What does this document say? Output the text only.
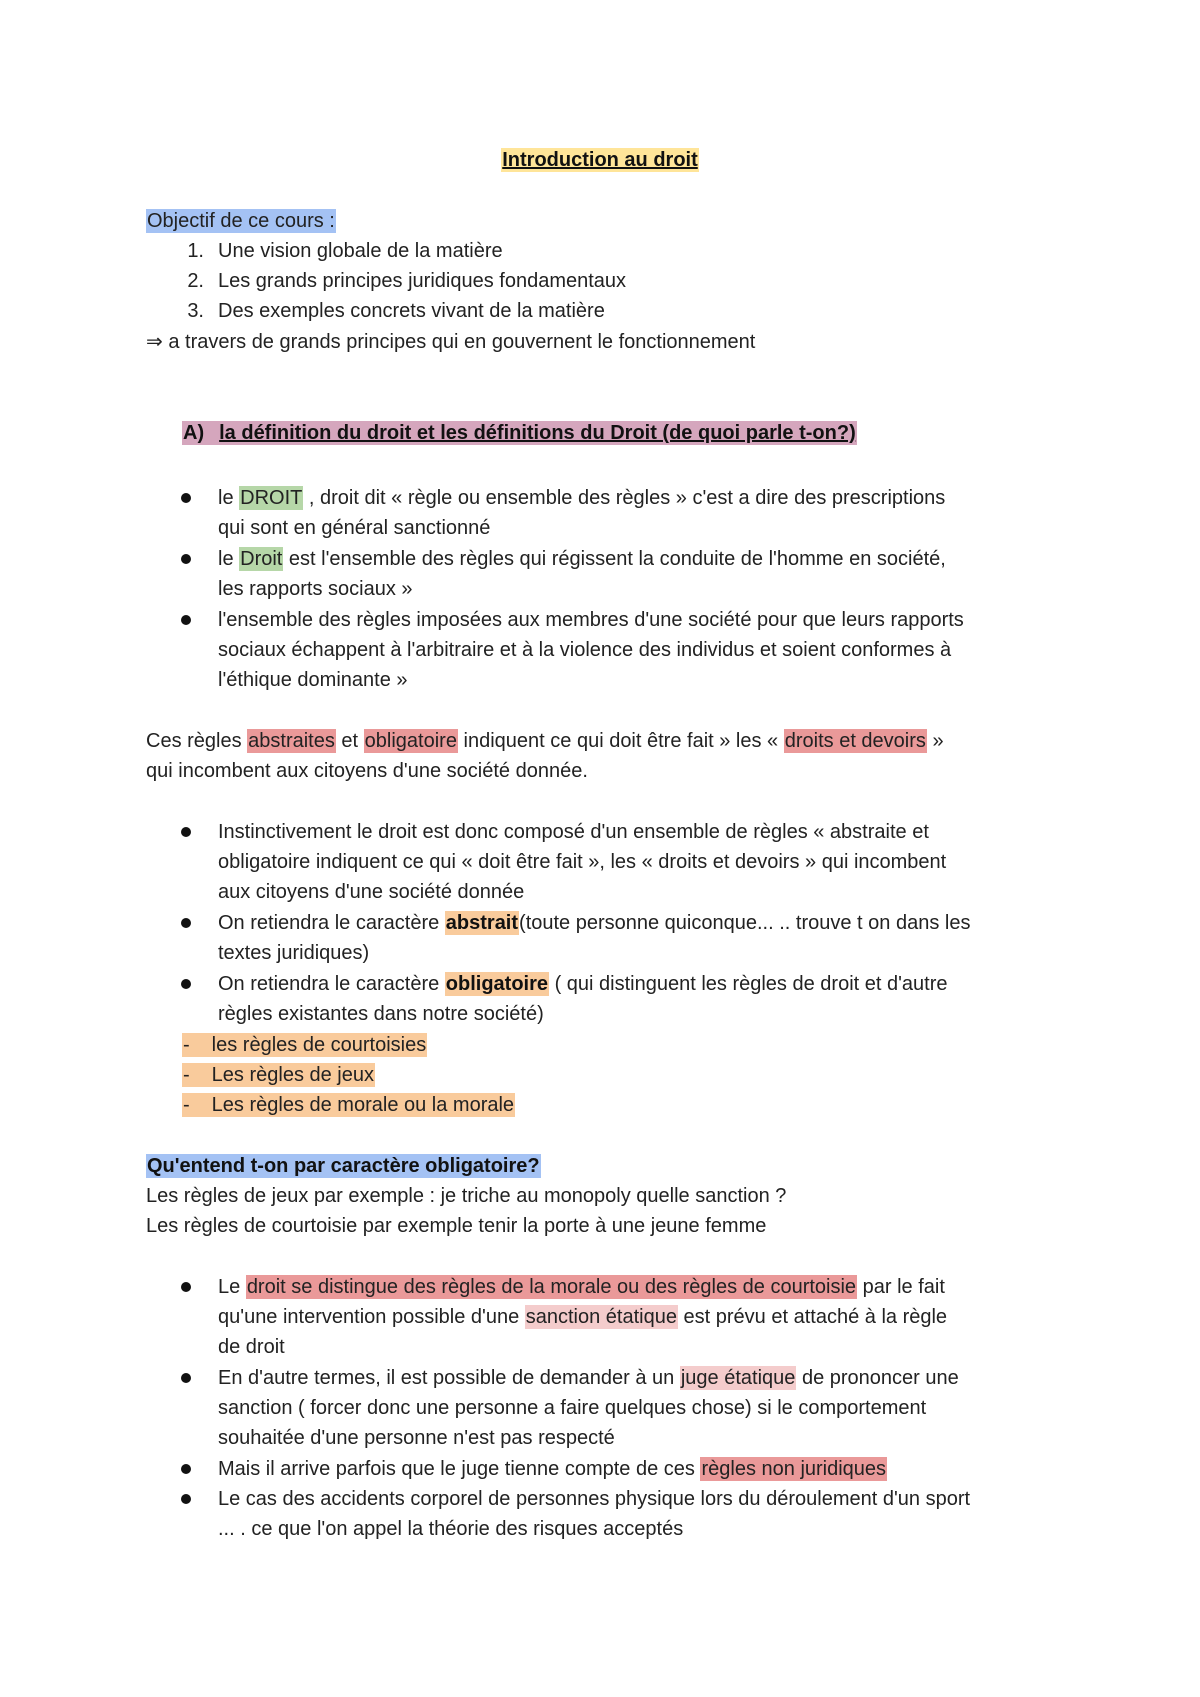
Introduction au droit
Objectif de ce cours :
1. Une vision globale de la matière
2. Les grands principes juridiques fondamentaux
3. Des exemples concrets vivant de la matière
⇒ a travers de grands principes qui en gouvernent le fonctionnement
A) la définition du droit et les définitions du Droit (de quoi parle t-on?)
le DROIT , droit dit « règle ou ensemble des règles » c'est a dire des prescriptions
qui sont en général sanctionné
le Droit est l'ensemble des règles qui régissent la conduite de l'homme en société,
les rapports sociaux »
l'ensemble des règles imposées aux membres d'une société pour que leurs rapports
sociaux échappent à l'arbitraire et à la violence des individus et soient conformes à
l'éthique dominante »
Ces règles abstraites et obligatoire indiquent ce qui doit être fait » les « droits et devoirs »
qui incombent aux citoyens d'une société donnée.
Instinctivement le droit est donc composé d'un ensemble de règles « abstraite et
obligatoire indiquent ce qui « doit être fait », les « droits et devoirs » qui incombent
aux citoyens d'une société donnée
On retiendra le caractère abstrait(toute personne quiconque... .. trouve t on dans les
textes juridiques)
On retiendra le caractère obligatoire ( qui distinguent les règles de droit et d'autre
règles existantes dans notre société)
- les règles de courtoisies
- Les règles de jeux
- Les règles de morale ou la morale
Qu'entend t-on par caractère obligatoire?
Les règles de jeux par exemple : je triche au monopoly quelle sanction ?
Les règles de courtoisie par exemple tenir la porte à une jeune femme
Le droit se distingue des règles de la morale ou des règles de courtoisie par le fait
qu'une intervention possible d'une sanction étatique est prévu et attaché à la règle
de droit
En d'autre termes, il est possible de demander à un juge étatique de prononcer une
sanction ( forcer donc une personne a faire quelques chose) si le comportement
souhaitée d'une personne n'est pas respecté
Mais il arrive parfois que le juge tienne compte de ces règles non juridiques
Le cas des accidents corporel de personnes physique lors du déroulement d'un sport
... . ce que l'on appel la théorie des risques acceptés
